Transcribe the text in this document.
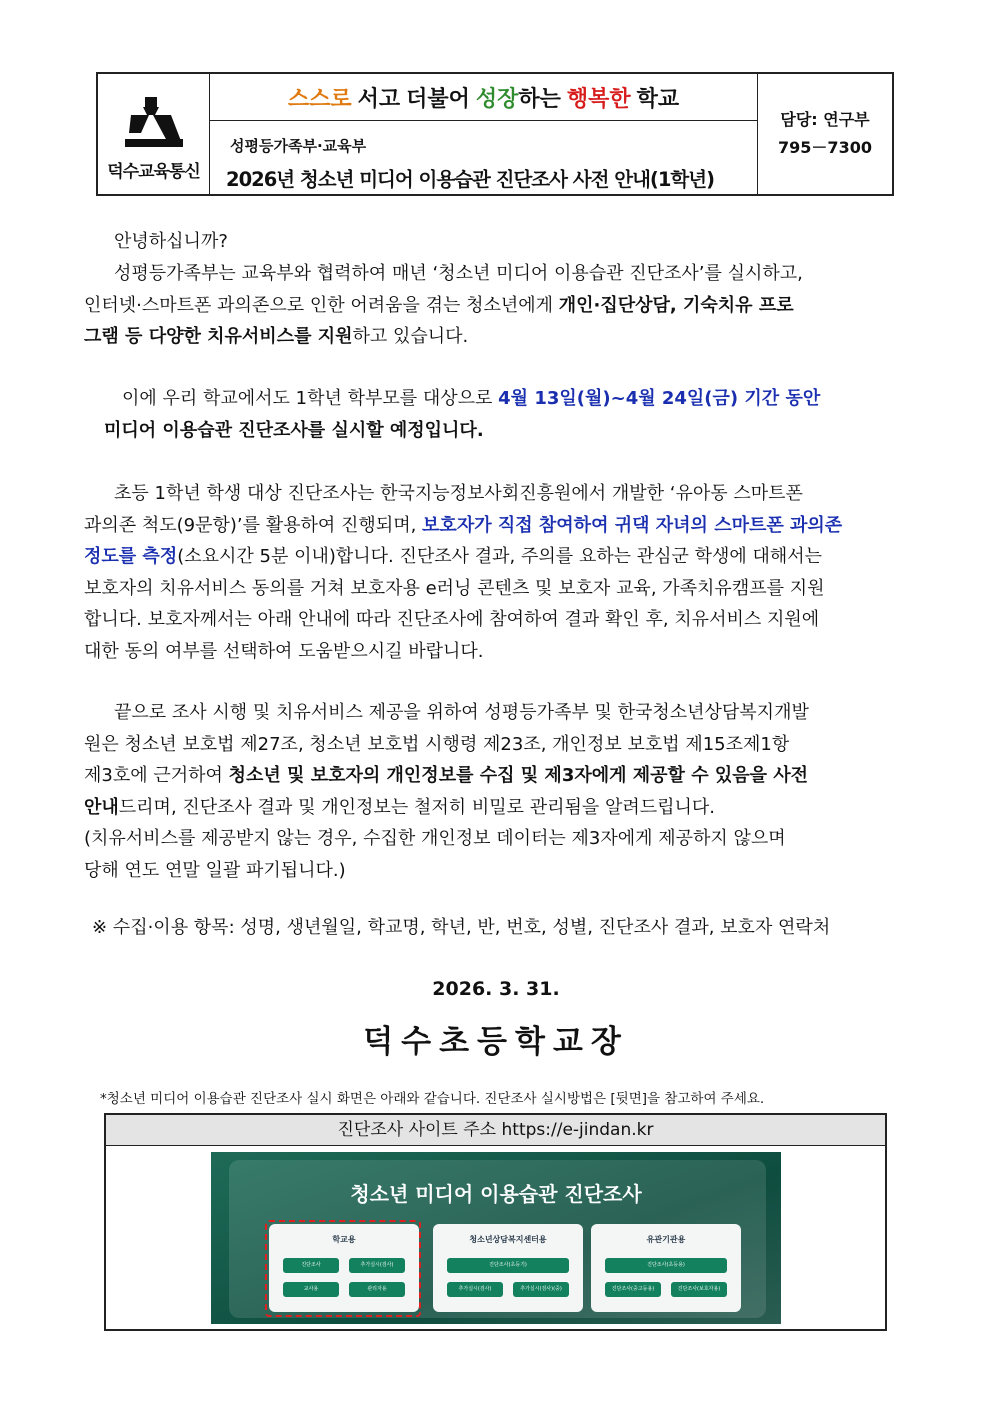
덕수교육통신
스스로 서고 더불어 성장하는 행복한 학교
성평등가족부·교육부
2026년 청소년 미디어 이용습관 진단조사 사전 안내(1학년)
담당: 연구부
795－7300
안녕하십니까?
성평등가족부는 교육부와 협력하여 매년 ‘청소년 미디어 이용습관 진단조사’를 실시하고,
인터넷·스마트폰 과의존으로 인한 어려움을 겪는 청소년에게 개인·집단상담, 기숙치유 프로
그램 등 다양한 치유서비스를 지원하고 있습니다.
이에 우리 학교에서도 1학년 학부모를 대상으로 4월 13일(월)~4월 24일(금) 기간 동안
미디어 이용습관 진단조사를 실시할 예정입니다.
초등 1학년 학생 대상 진단조사는 한국지능정보사회진흥원에서 개발한 ‘유아동 스마트폰
과의존 척도(9문항)’를 활용하여 진행되며, 보호자가 직접 참여하여 귀댁 자녀의 스마트폰 과의존
정도를 측정(소요시간 5분 이내)합니다. 진단조사 결과, 주의를 요하는 관심군 학생에 대해서는
보호자의 치유서비스 동의를 거쳐 보호자용 e러닝 콘텐츠 및 보호자 교육, 가족치유캠프를 지원
합니다. 보호자께서는 아래 안내에 따라 진단조사에 참여하여 결과 확인 후, 치유서비스 지원에
대한 동의 여부를 선택하여 도움받으시길 바랍니다.
끝으로 조사 시행 및 치유서비스 제공을 위하여 성평등가족부 및 한국청소년상담복지개발
원은 청소년 보호법 제27조, 청소년 보호법 시행령 제23조, 개인정보 보호법 제15조제1항
제3호에 근거하여 청소년 및 보호자의 개인정보를 수집 및 제3자에게 제공할 수 있음을 사전
안내드리며, 진단조사 결과 및 개인정보는 철저히 비밀로 관리됨을 알려드립니다.
(치유서비스를 제공받지 않는 경우, 수집한 개인정보 데이터는 제3자에게 제공하지 않으며
당해 연도 연말 일괄 파기됩니다.)
※ 수집·이용 항목: 성명, 생년월일, 학교명, 학년, 반, 번호, 성별, 진단조사 결과, 보호자 연락처
2026. 3. 31.
덕수초등학교장
*청소년 미디어 이용습관 진단조사 실시 화면은 아래와 같습니다. 진단조사 실시방법은 [뒷면]을 참고하여 주세요.
진단조사 사이트 주소 https://e-jindan.kr
청소년 미디어 이용습관 진단조사
학교용
진단조사	추가실시(검사)
교사용	관리자용
청소년상담복지센터용
진단조사(초등기)
추가실시(검사)	추가실시(검사)(중)
유관기관용
진단조사(초등용)
진단조사(중고등용)	진단조사(보호자용)
